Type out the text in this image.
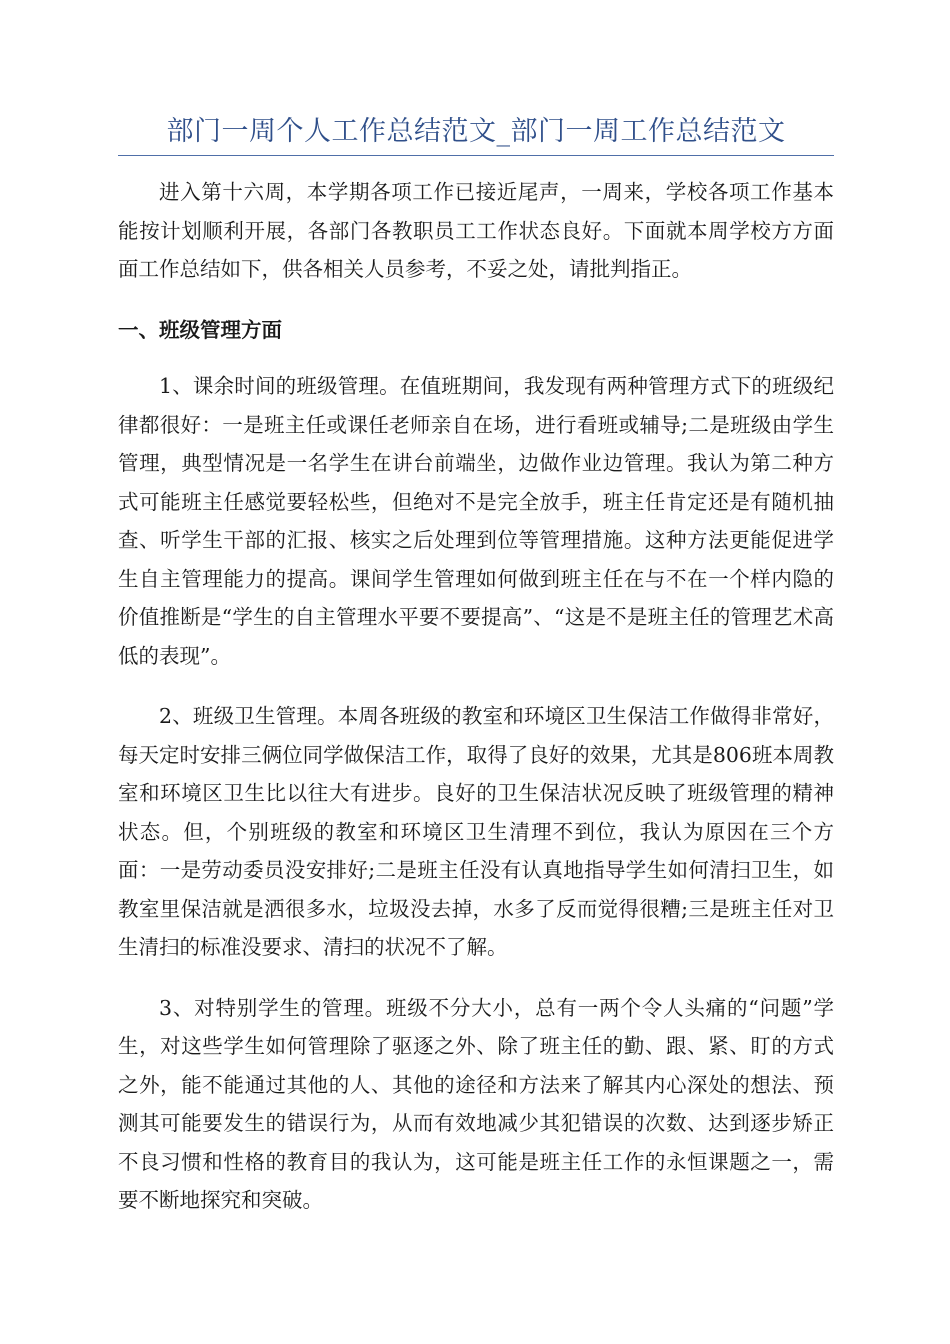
部门一周个人工作总结范文_部门一周工作总结范文

进入第十六周，本学期各项工作已接近尾声，一周来，学校各项工作基本能按计划顺利开展，各部门各教职员工工作状态良好。下面就本周学校方方面面工作总结如下，供各相关人员参考，不妥之处，请批判指正。

一、班级管理方面

1、课余时间的班级管理。在值班期间，我发现有两种管理方式下的班级纪律都很好：一是班主任或课任老师亲自在场，进行看班或辅导;二是班级由学生管理，典型情况是一名学生在讲台前端坐，边做作业边管理。我认为第二种方式可能班主任感觉要轻松些，但绝对不是完全放手，班主任肯定还是有随机抽查、听学生干部的汇报、核实之后处理到位等管理措施。这种方法更能促进学生自主管理能力的提高。课间学生管理如何做到班主任在与不在一个样内隐的价值推断是“学生的自主管理水平要不要提高”、“这是不是班主任的管理艺术高低的表现”。

2、班级卫生管理。本周各班级的教室和环境区卫生保洁工作做得非常好，每天定时安排三俩位同学做保洁工作，取得了良好的效果，尤其是806班本周教室和环境区卫生比以往大有进步。良好的卫生保洁状况反映了班级管理的精神状态。但，个别班级的教室和环境区卫生清理不到位，我认为原因在三个方面：一是劳动委员没安排好;二是班主任没有认真地指导学生如何清扫卫生，如教室里保洁就是洒很多水，垃圾没去掉，水多了反而觉得很糟;三是班主任对卫生清扫的标准没要求、清扫的状况不了解。

3、对特别学生的管理。班级不分大小，总有一两个令人头痛的“问题”学生，对这些学生如何管理除了驱逐之外、除了班主任的勤、跟、紧、盯的方式之外，能不能通过其他的人、其他的途径和方法来了解其内心深处的想法、预测其可能要发生的错误行为，从而有效地减少其犯错误的次数、达到逐步矫正不良习惯和性格的教育目的我认为，这可能是班主任工作的永恒课题之一，需要不断地探究和突破。
